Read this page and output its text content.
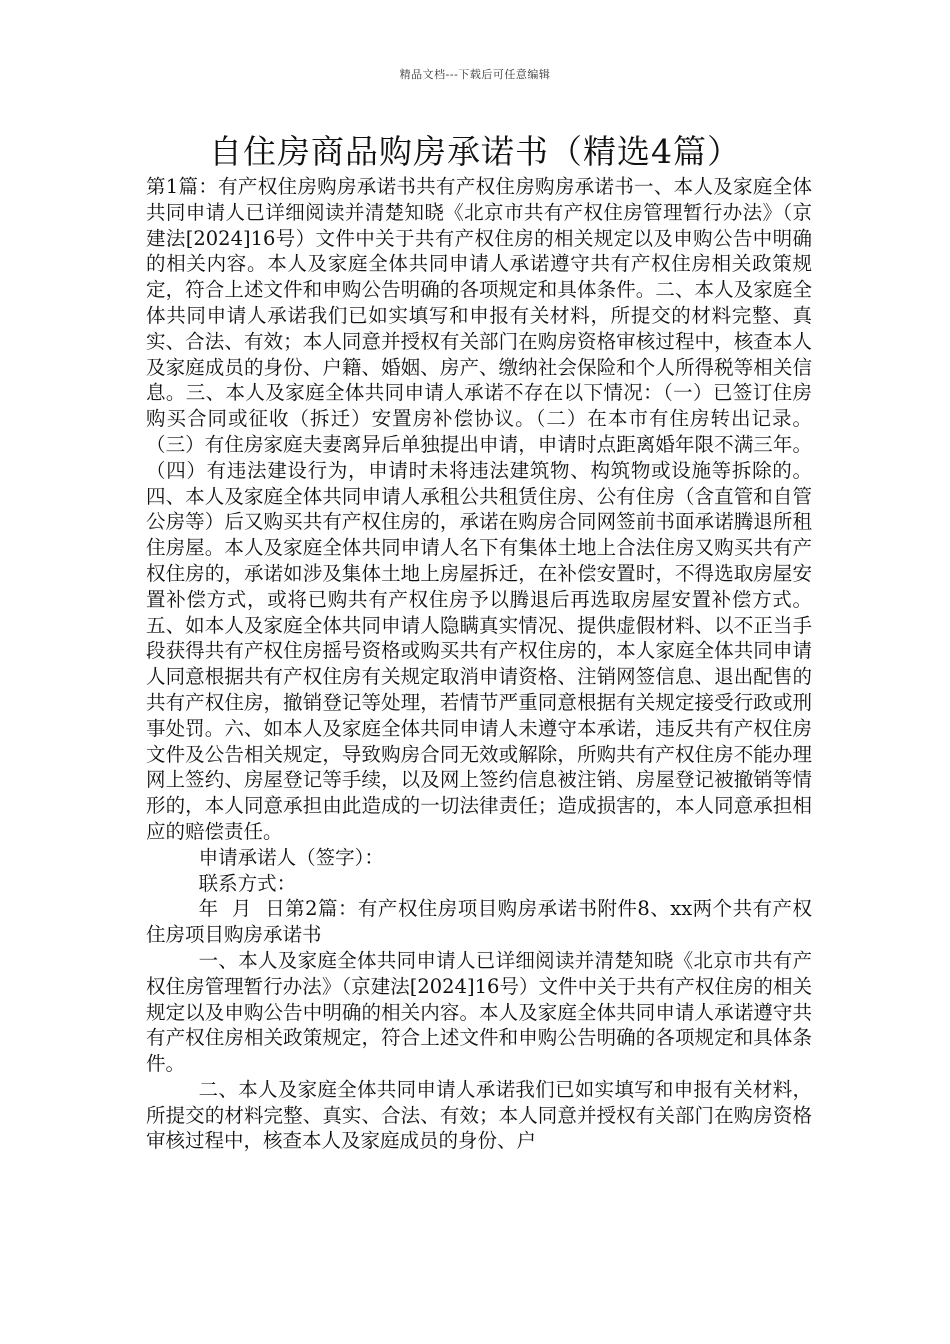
精品文档---下载后可任意编辑
自住房商品购房承诺书（精选4篇）

第1篇：有产权住房购房承诺书共有产权住房购房承诺书一、本人及家庭全体共同申请人已详细阅读并清楚知晓《北京市共有产权住房管理暂行办法》（京建法[2024]16号）文件中关于共有产权住房的相关规定以及申购公告中明确的相关内容。本人及家庭全体共同申请人承诺遵守共有产权住房相关政策规定，符合上述文件和申购公告明确的各项规定和具体条件。二、本人及家庭全体共同申请人承诺我们已如实填写和申报有关材料，所提交的材料完整、真实、合法、有效；本人同意并授权有关部门在购房资格审核过程中，核查本人及家庭成员的身份、户籍、婚姻、房产、缴纳社会保险和个人所得税等相关信息。三、本人及家庭全体共同申请人承诺不存在以下情况：（一）已签订住房购买合同或征收（拆迁）安置房补偿协议。（二）在本市有住房转出记录。（三）有住房家庭夫妻离异后单独提出申请，申请时点距离婚年限不满三年。（四）有违法建设行为，申请时未将违法建筑物、构筑物或设施等拆除的。四、本人及家庭全体共同申请人承租公共租赁住房、公有住房（含直管和自管公房等）后又购买共有产权住房的，承诺在购房合同网签前书面承诺腾退所租住房屋。本人及家庭全体共同申请人名下有集体土地上合法住房又购买共有产权住房的，承诺如涉及集体土地上房屋拆迁，在补偿安置时，不得选取房屋安置补偿方式，或将已购共有产权住房予以腾退后再选取房屋安置补偿方式。五、如本人及家庭全体共同申请人隐瞒真实情况、提供虚假材料、以不正当手段获得共有产权住房摇号资格或购买共有产权住房的，本人家庭全体共同申请人同意根据共有产权住房有关规定取消申请资格、注销网签信息、退出配售的共有产权住房，撤销登记等处理，若情节严重同意根据有关规定接受行政或刑事处罚。六、如本人及家庭全体共同申请人未遵守本承诺，违反共有产权住房文件及公告相关规定，导致购房合同无效或解除，所购共有产权住房不能办理网上签约、房屋登记等手续，以及网上签约信息被注销、房屋登记被撤销等情形的，本人同意承担由此造成的一切法律责任；造成损害的，本人同意承担相应的赔偿责任。

申请承诺人（签字）：

联系方式：

年  月  日第2篇：有产权住房项目购房承诺书附件8、xx两个共有产权住房项目购房承诺书

一、本人及家庭全体共同申请人已详细阅读并清楚知晓《北京市共有产权住房管理暂行办法》（京建法[2024]16号）文件中关于共有产权住房的相关规定以及申购公告中明确的相关内容。本人及家庭全体共同申请人承诺遵守共有产权住房相关政策规定，符合上述文件和申购公告明确的各项规定和具体条件。

二、本人及家庭全体共同申请人承诺我们已如实填写和申报有关材料，所提交的材料完整、真实、合法、有效；本人同意并授权有关部门在购房资格审核过程中，核查本人及家庭成员的身份、户
